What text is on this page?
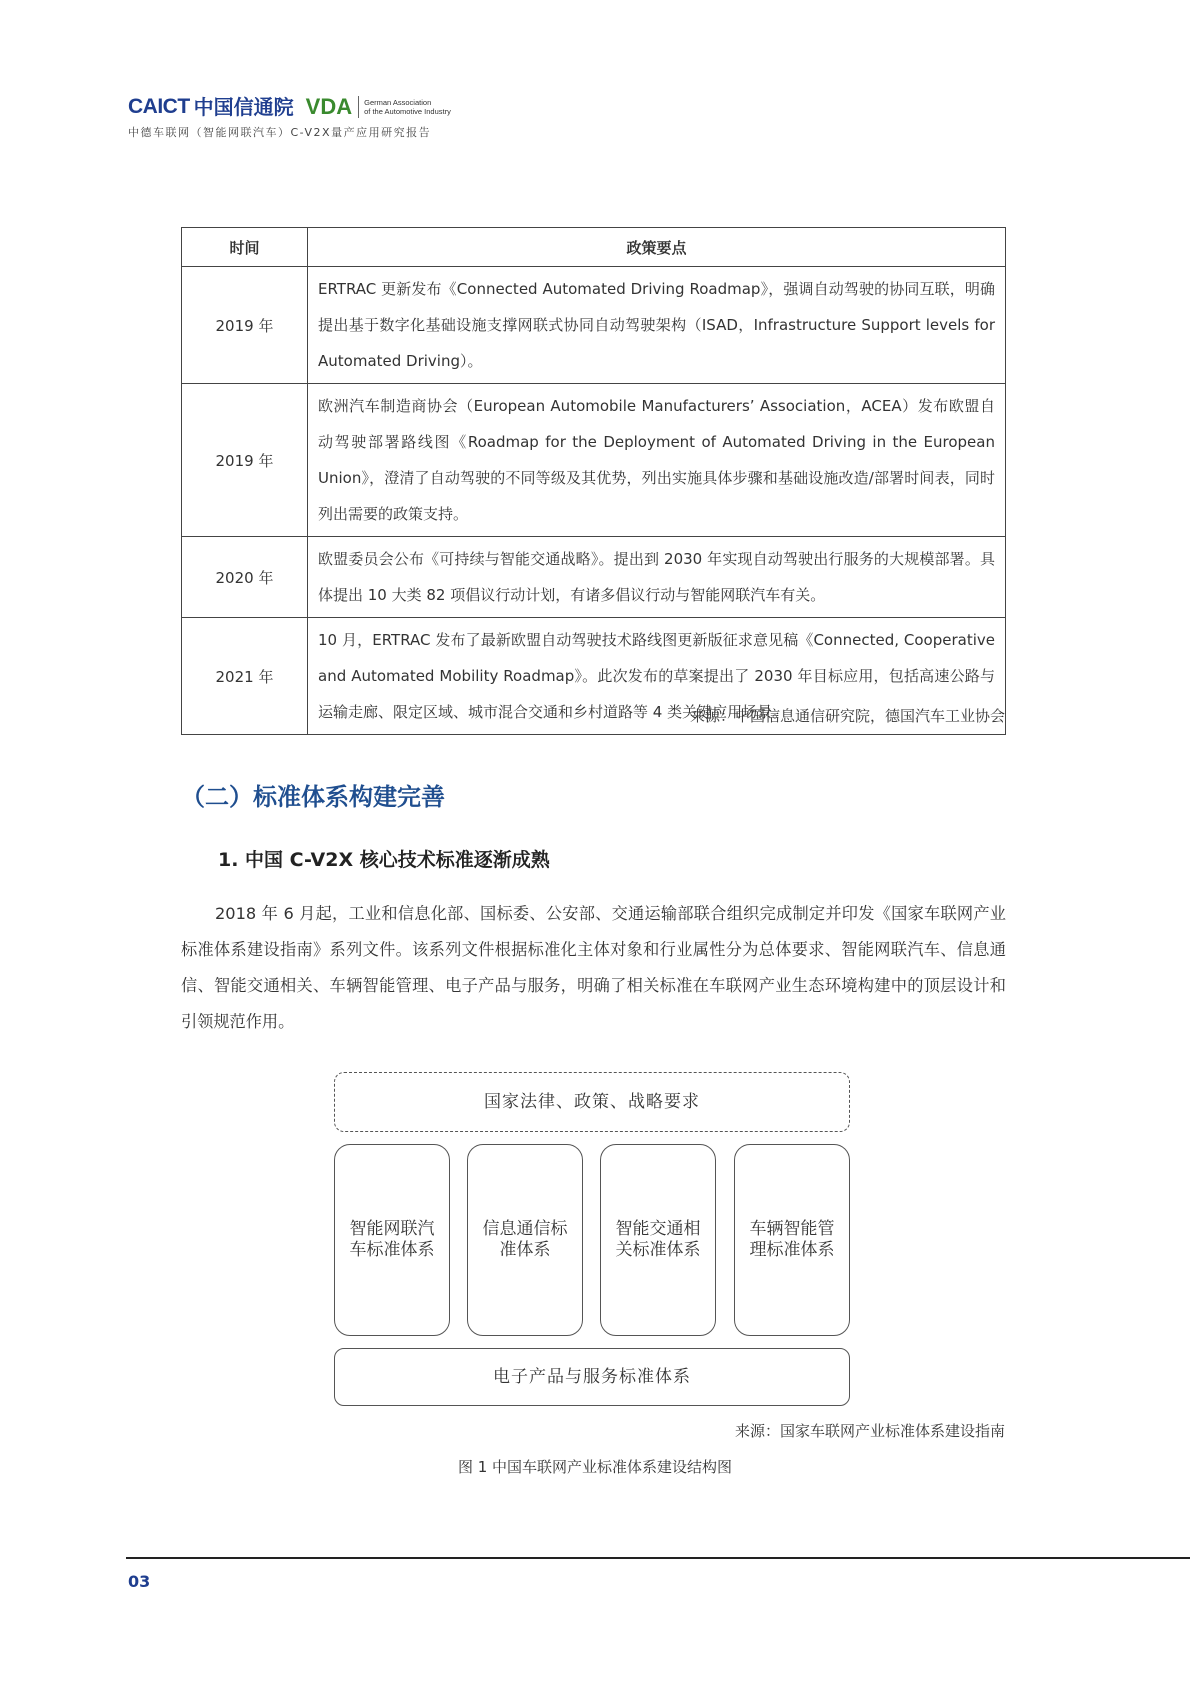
CAICT 中国信通院 VDA German Association
of the Automotive Industry
中德车联网（智能网联汽车）C-V2X量产应用研究报告
时间	政策要点
2019 年	ERTRAC 更新发布《Connected Automated Driving Roadmap》，强调自动驾驶的协同互联，明确提出基于数字化基础设施支撑网联式协同自动驾驶架构（ISAD，Infrastructure Support levels for Automated Driving）。
2019 年	欧洲汽车制造商协会（European Automobile Manufacturers’ Association，ACEA）发布欧盟自动驾驶部署路线图《Roadmap for the Deployment of Automated Driving in the European Union》，澄清了自动驾驶的不同等级及其优势，列出实施具体步骤和基础设施改造/部署时间表，同时列出需要的政策支持。
2020 年	欧盟委员会公布《可持续与智能交通战略》。提出到 2030 年实现自动驾驶出行服务的大规模部署。具体提出 10 大类 82 项倡议行动计划，有诸多倡议行动与智能网联汽车有关。
2021 年	10 月，ERTRAC 发布了最新欧盟自动驾驶技术路线图更新版征求意见稿《Connected, Cooperative and Automated Mobility Roadmap》。此次发布的草案提出了 2030 年目标应用，包括高速公路与运输走廊、限定区域、城市混合交通和乡村道路等 4 类关键应用场景。
来源：中国信息通信研究院，德国汽车工业协会
（二）标准体系构建完善
1. 中国 C-V2X 核心技术标准逐渐成熟

2018 年 6 月起，工业和信息化部、国标委、公安部、交通运输部联合组织完成制定并印发《国家车联网产业标准体系建设指南》系列文件。该系列文件根据标准化主体对象和行业属性分为总体要求、智能网联汽车、信息通信、智能交通相关、车辆智能管理、电子产品与服务，明确了相关标准在车联网产业生态环境构建中的顶层设计和引领规范作用。

国家法律、政策、战略要求
智能网联汽车标准体系
信息通信标准体系
智能交通相关标准体系
车辆智能管理标准体系
电子产品与服务标准体系
来源：国家车联网产业标准体系建设指南
图 1 中国车联网产业标准体系建设结构图
03
